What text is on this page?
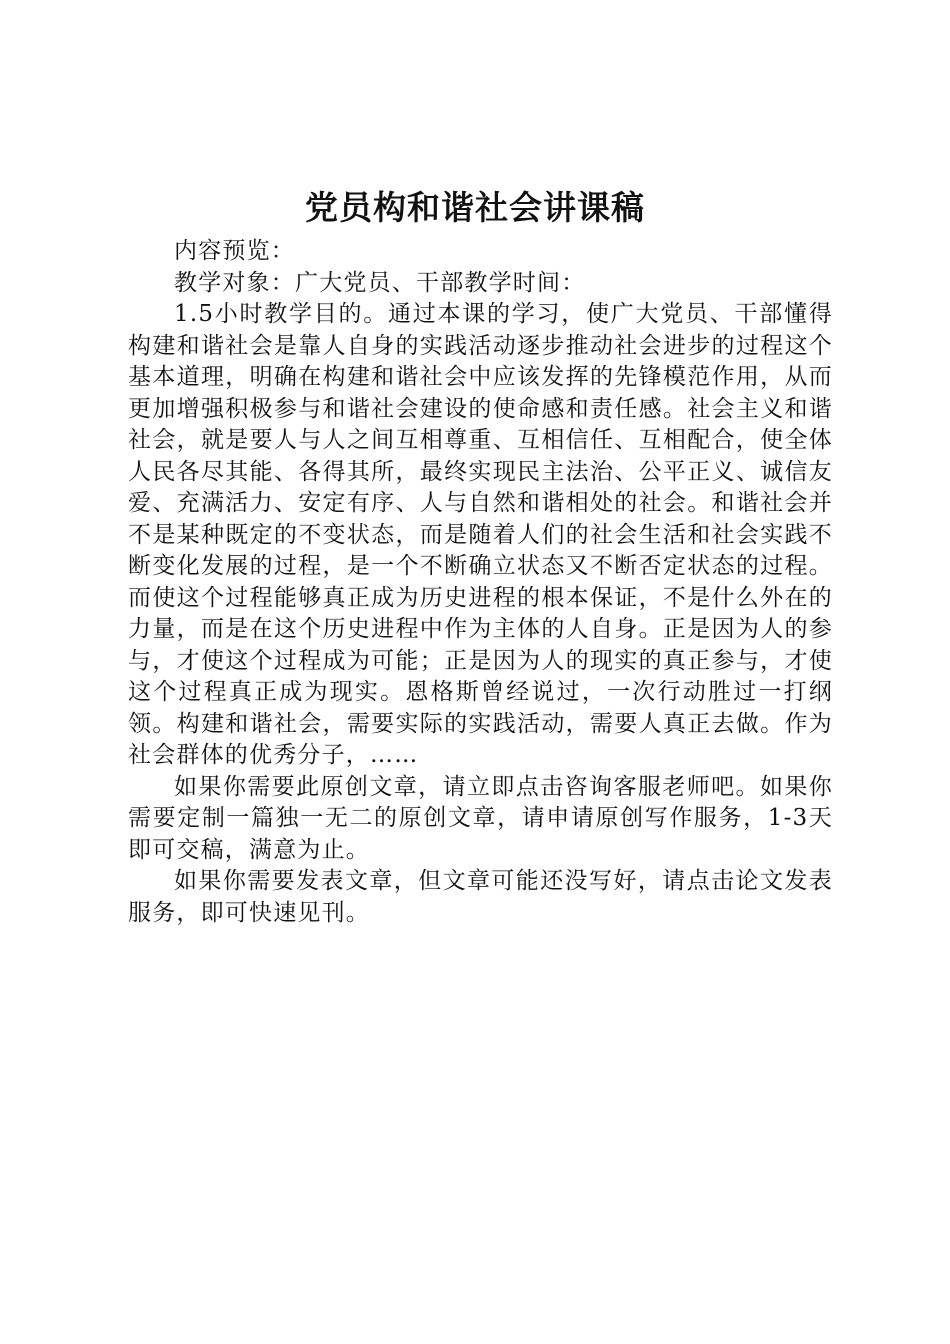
党员构和谐社会讲课稿

内容预览：

教学对象：广大党员、干部教学时间：

1.5小时教学目的。通过本课的学习，使广大党员、干部懂得构建和谐社会是靠人自身的实践活动逐步推动社会进步的过程这个基本道理，明确在构建和谐社会中应该发挥的先锋模范作用，从而更加增强积极参与和谐社会建设的使命感和责任感。社会主义和谐社会，就是要人与人之间互相尊重、互相信任、互相配合，使全体人民各尽其能、各得其所，最终实现民主法治、公平正义、诚信友爱、充满活力、安定有序、人与自然和谐相处的社会。和谐社会并不是某种既定的不变状态，而是随着人们的社会生活和社会实践不断变化发展的过程，是一个不断确立状态又不断否定状态的过程。而使这个过程能够真正成为历史进程的根本保证，不是什么外在的力量，而是在这个历史进程中作为主体的人自身。正是因为人的参与，才使这个过程成为可能；正是因为人的现实的真正参与，才使这个过程真正成为现实。恩格斯曾经说过，一次行动胜过一打纲领。构建和谐社会，需要实际的实践活动，需要人真正去做。作为社会群体的优秀分子，……

如果你需要此原创文章，请立即点击咨询客服老师吧。如果你需要定制一篇独一无二的原创文章，请申请原创写作服务，1-3天即可交稿，满意为止。

如果你需要发表文章，但文章可能还没写好，请点击论文发表服务，即可快速见刊。
